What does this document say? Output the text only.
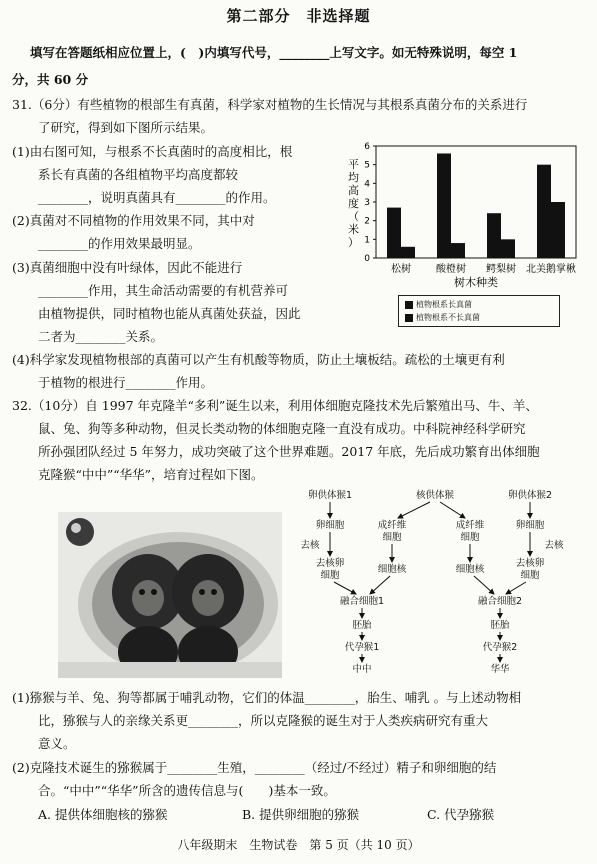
第二部分　非选择题
填写在答题纸相应位置上，(　)内填写代号，________上写文字。如无特殊说明，每空 1
分，共 60 分
31.（6分）有些植物的根部生有真菌，科学家对植物的生长情况与其根系真菌分布的关系进行
了研究，得到如下图所示结果。
(1)由右图可知，与根系不长真菌时的高度相比，根
系长有真菌的各组植物平均高度都较
________，说明真菌具有________的作用。
(2)真菌对不同植物的作用效果不同，其中对
________的作用效果最明显。
(3)真菌细胞中没有叶绿体，因此不能进行
________作用，其生命活动需要的有机营养可
由植物提供，同时植物也能从真菌处获益，因此
二者为________关系。
(4)科学家发现植物根部的真菌可以产生有机酸等物质，防止土壤板结。疏松的土壤更有利
于植物的根进行________作用。
0
1
2
3
4
5
6
松树	酸橙树 鳄梨树 北美鹅掌楸
平均高度（米）
树木种类
植物根系长真菌
植物根系不长真菌
32.（10分）自 1997 年克隆羊“多利”诞生以来，利用体细胞克隆技术先后繁殖出马、牛、羊、
鼠、兔、狗等多种动物，但灵长类动物的体细胞克隆一直没有成功。中科院神经科学研究
所孙强团队经过 5 年努力，成功突破了这个世界难题。2017 年底，先后成功繁育出体细胞
克隆猴“中中”“华华”，培育过程如下图。
卵供体猴1	核供体猴	卵供体猴2
卵细胞	成纤维
细胞
成纤维
细胞
卵细胞
去核	去核
去核卵
细胞
细胞核	细胞核
去核卵
细胞
融合细胞1	融合细胞2
胚胎	胚胎
代孕猴1	代孕猴2
中中	华华
(1)猕猴与羊、兔、狗等都属于哺乳动物，它们的体温________，胎生、哺乳 。与上述动物相
比，猕猴与人的亲缘关系更________，所以克隆猴的诞生对于人类疾病研究有重大
意义。
(2)克隆技术诞生的猕猴属于________生殖，________（经过/不经过）精子和卵细胞的结
合。“中中”“华华”所含的遗传信息与(　　)基本一致。
A. 提供体细胞核的猕猴	B. 提供卵细胞的猕猴	C. 代孕猕猴
八年级期末　生物试卷　第 5 页（共 10 页）
